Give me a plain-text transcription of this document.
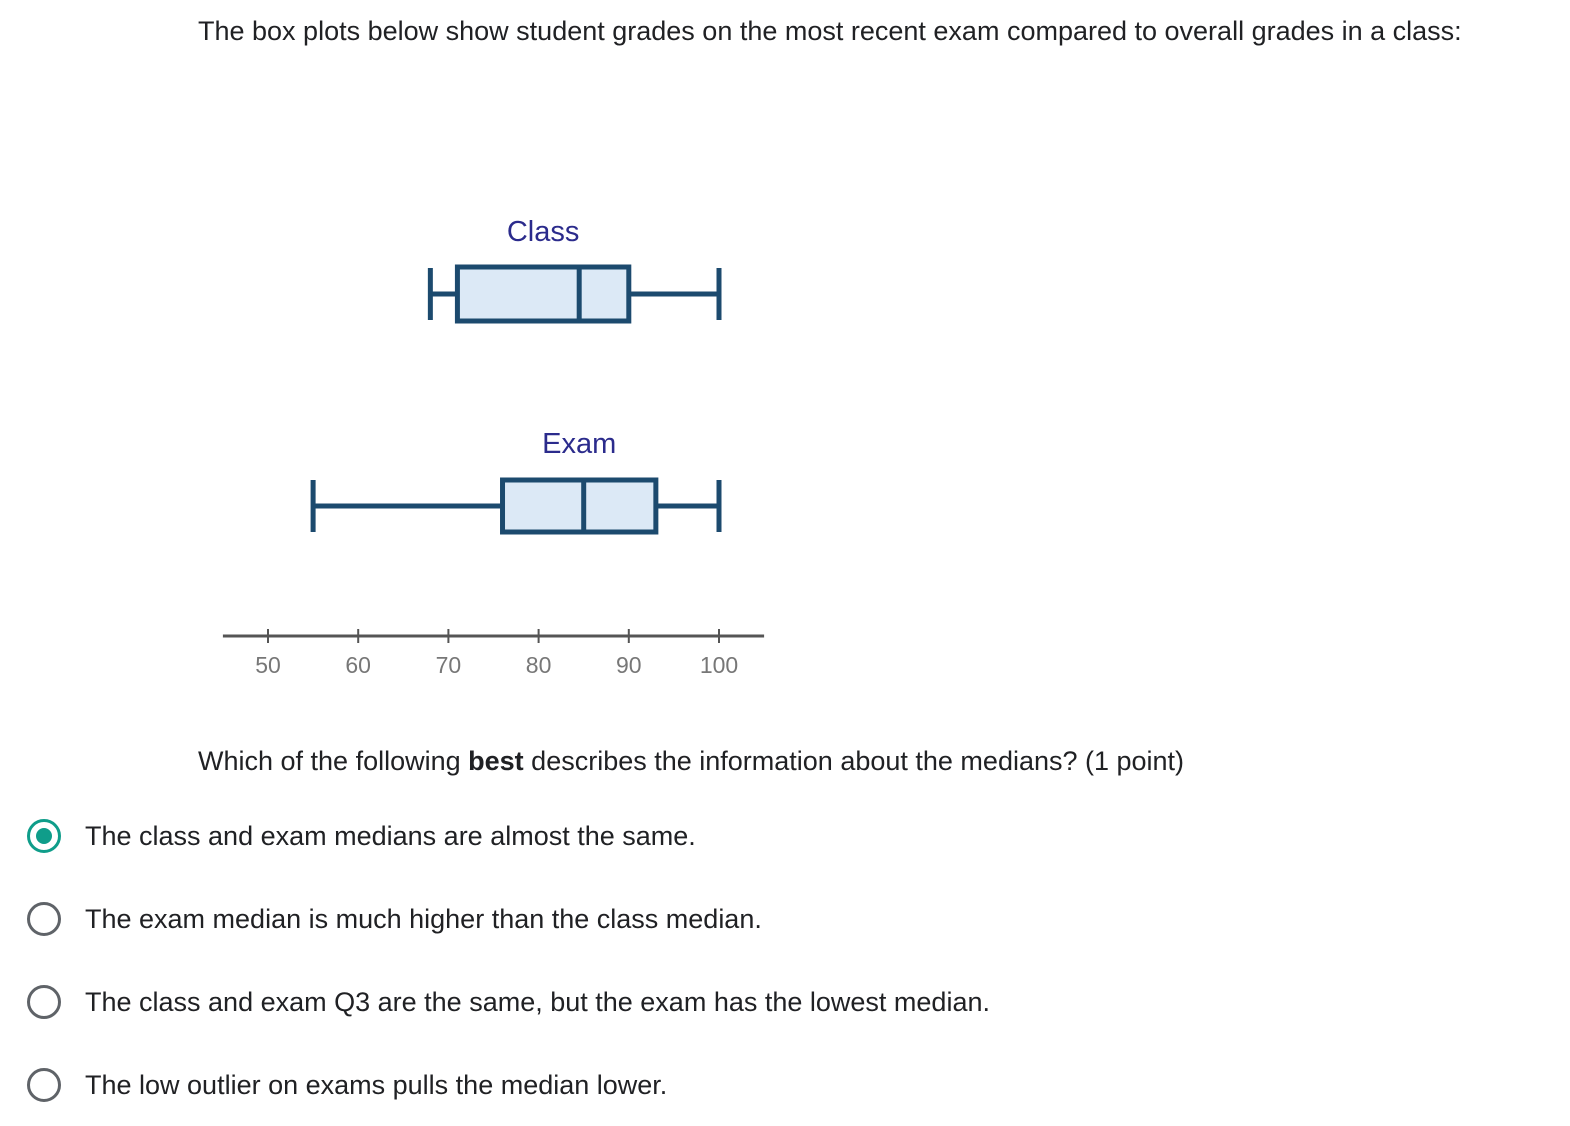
The box plots below show student grades on the most recent exam compared to overall grades in a class:
50	60	70	80	90	100
Class
Exam
Which of the following best describes the information about the medians? (1 point)
The class and exam medians are almost the same.
The exam median is much higher than the class median.
The class and exam Q3 are the same, but the exam has the lowest median.
The low outlier on exams pulls the median lower.
